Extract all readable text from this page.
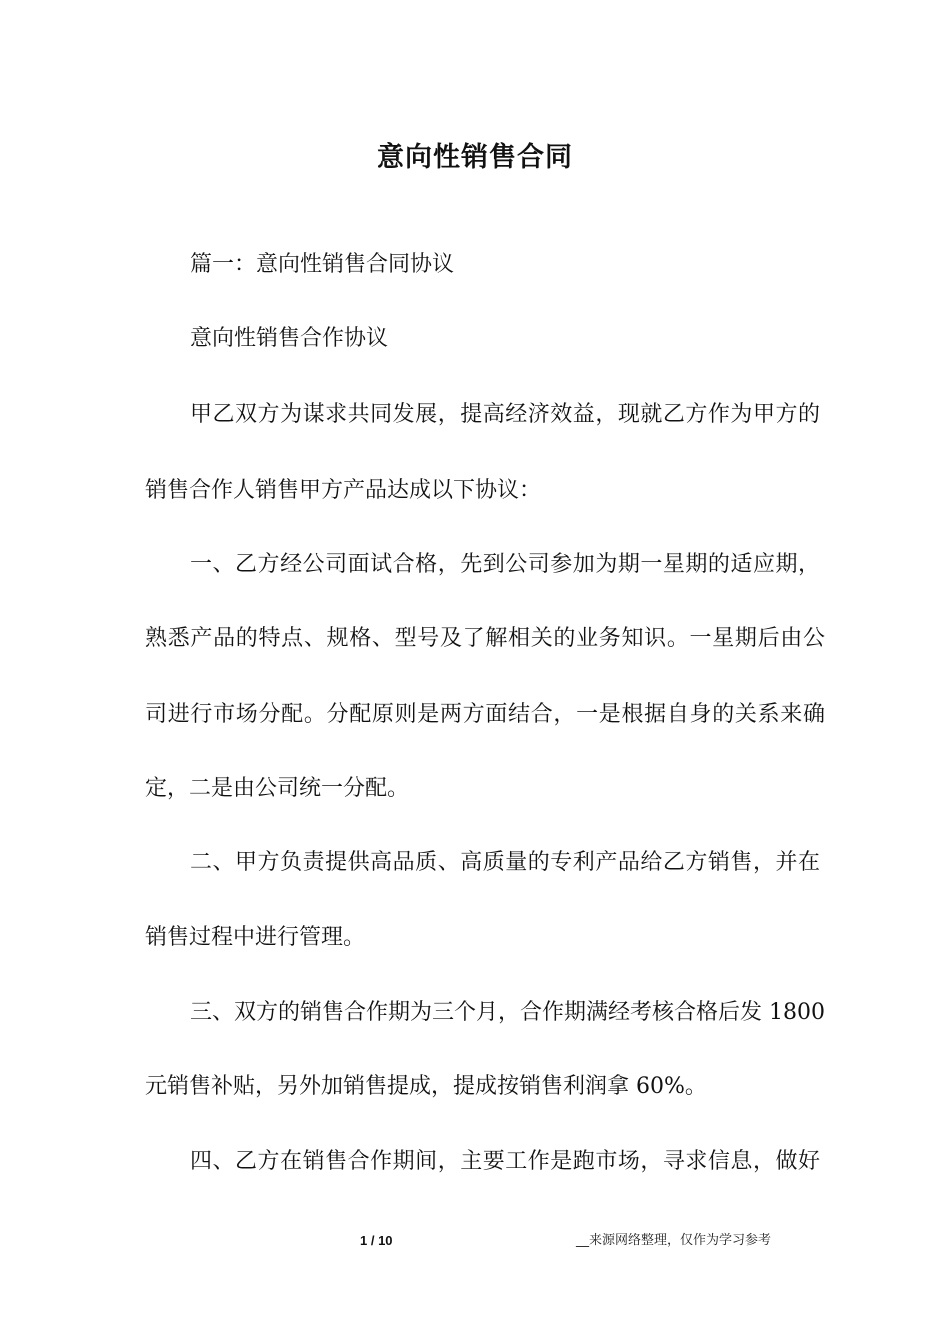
意向性销售合同
篇一：意向性销售合同协议
意向性销售合作协议
甲乙双方为谋求共同发展，提高经济效益，现就乙方作为甲方的
销售合作人销售甲方产品达成以下协议：
一、乙方经公司面试合格，先到公司参加为期一星期的适应期，
熟悉产品的特点、规格、型号及了解相关的业务知识。一星期后由公
司进行市场分配。分配原则是两方面结合，一是根据自身的关系来确
定，二是由公司统一分配。
二、甲方负责提供高品质、高质量的专利产品给乙方销售，并在
销售过程中进行管理。
三、双方的销售合作期为三个月，合作期满经考核合格后发 1800
元销售补贴，另外加销售提成，提成按销售利润拿 60%。
四、乙方在销售合作期间，主要工作是跑市场，寻求信息，做好
1 / 10	__来源网络整理，仅作为学习参考
